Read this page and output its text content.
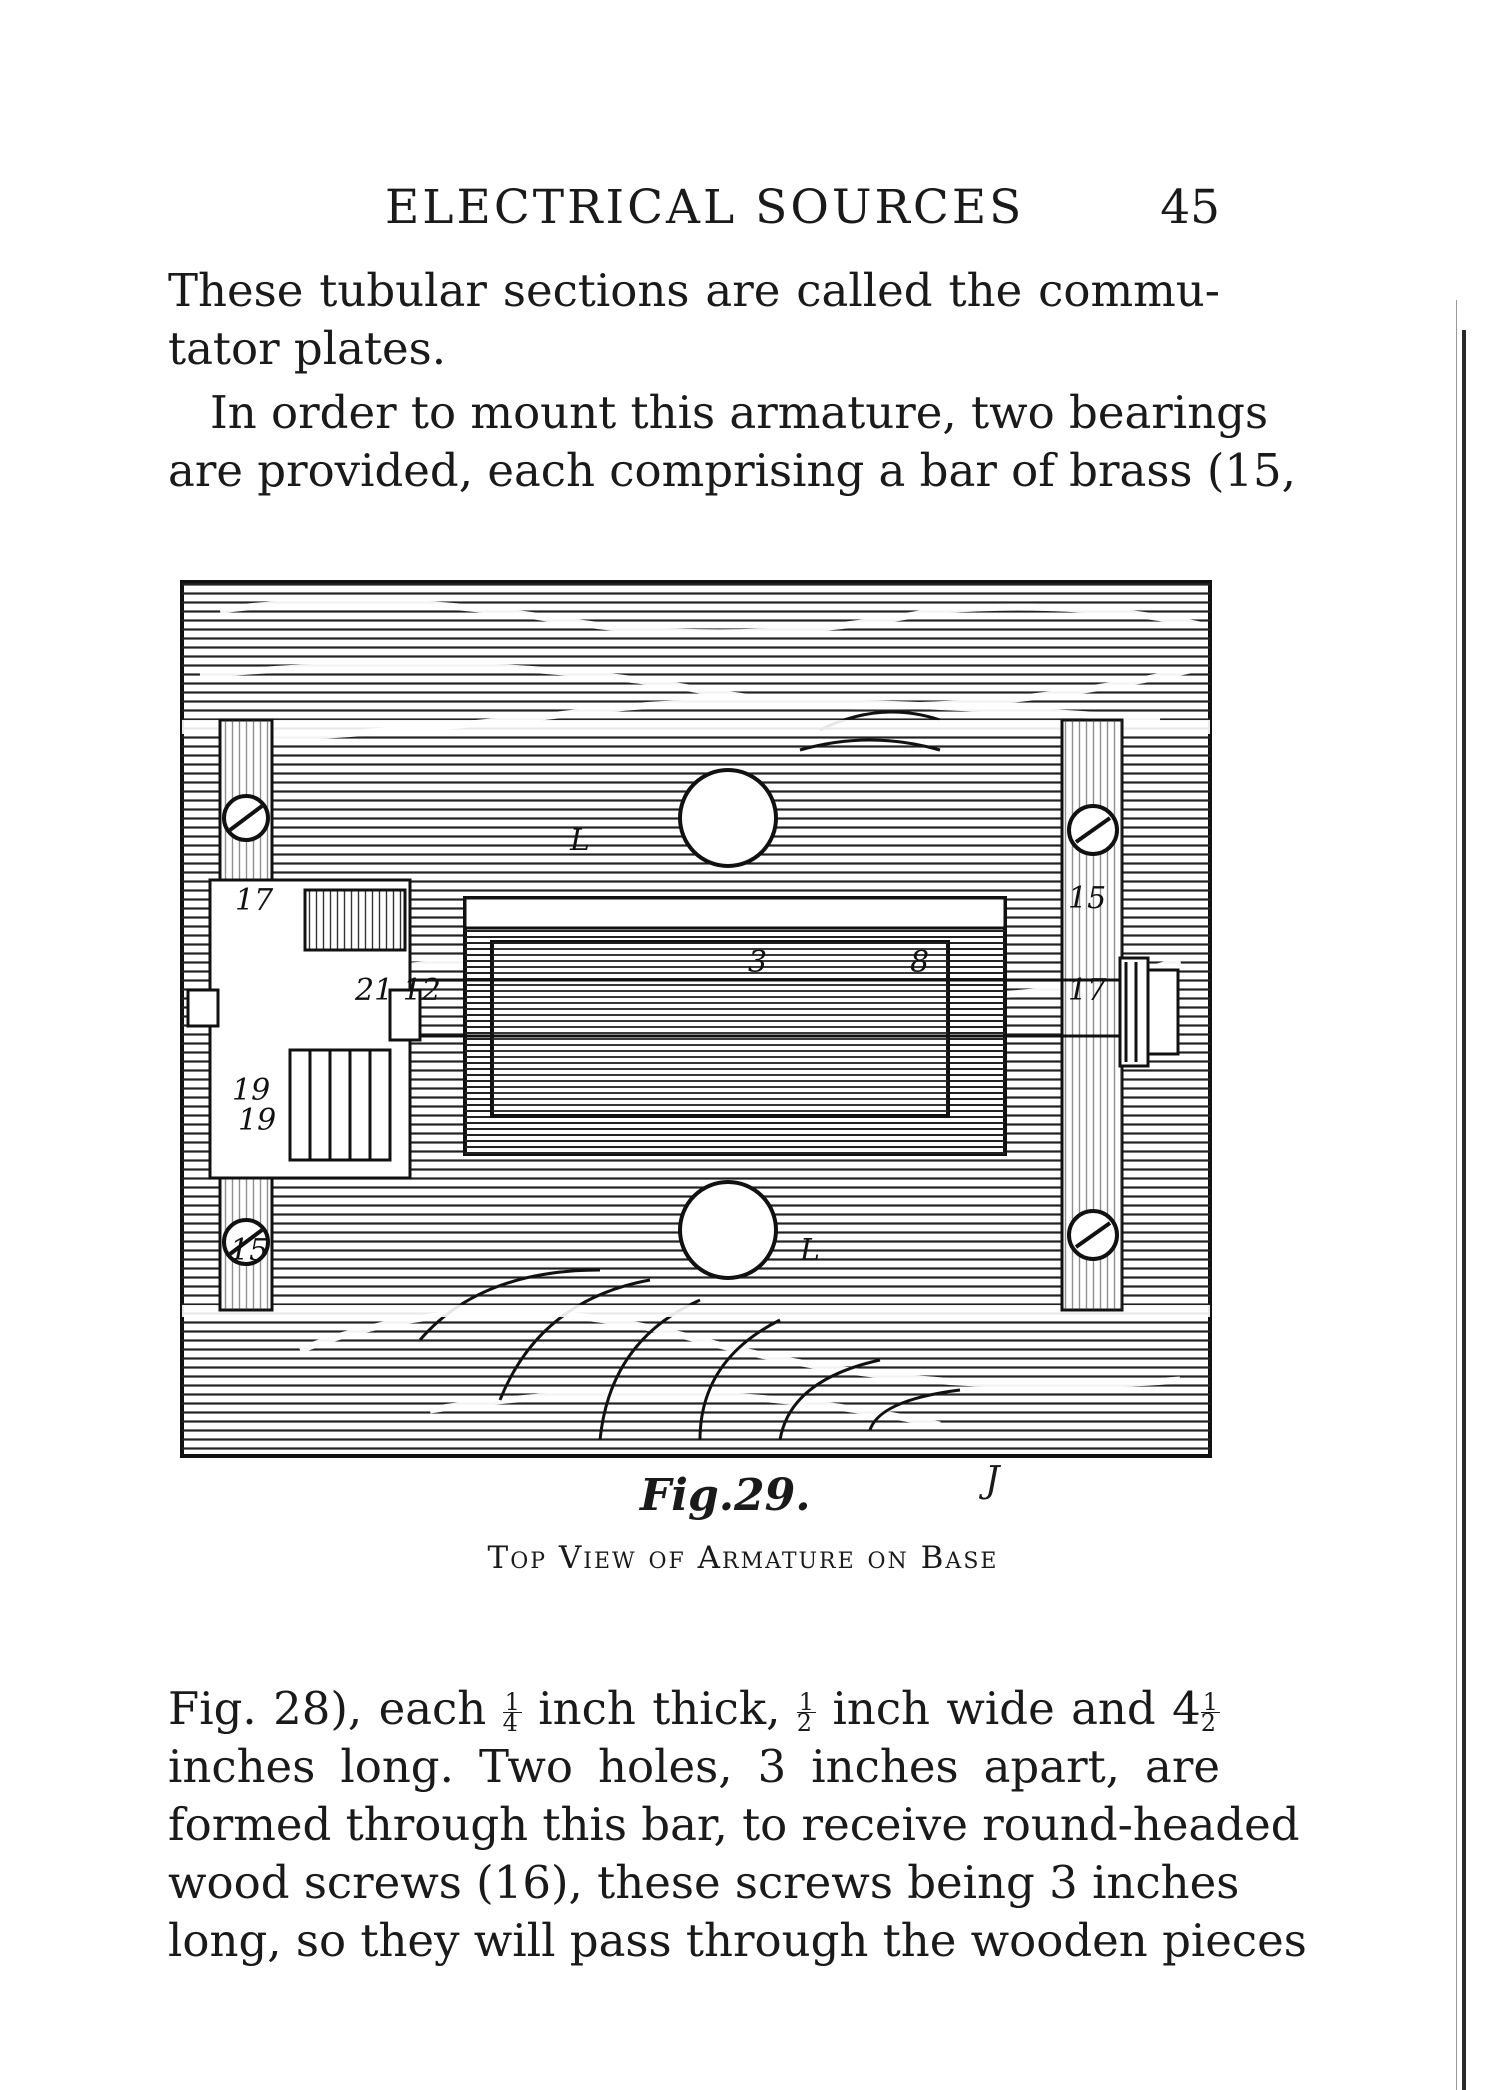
ELECTRICAL SOURCES	45

These tubular sections are called the commu-
tator plates.

In order to mount this armature, two bearings
are provided, each comprising a bar of brass (15,

L
L
3	8
15
15
17
17
21 12
19
19
Fig.29.	J
Top View of Armature on Base

Fig. 28), each $\frac{1}{4}$ inch thick, $\frac{1}{2}$ inch wide and $4 \frac{1}{2}$
inches long. Two holes, 3 inches apart, are
formed through this bar, to receive round-headed
wood screws (16), these screws being 3 inches
long, so they will pass through the wooden pieces
